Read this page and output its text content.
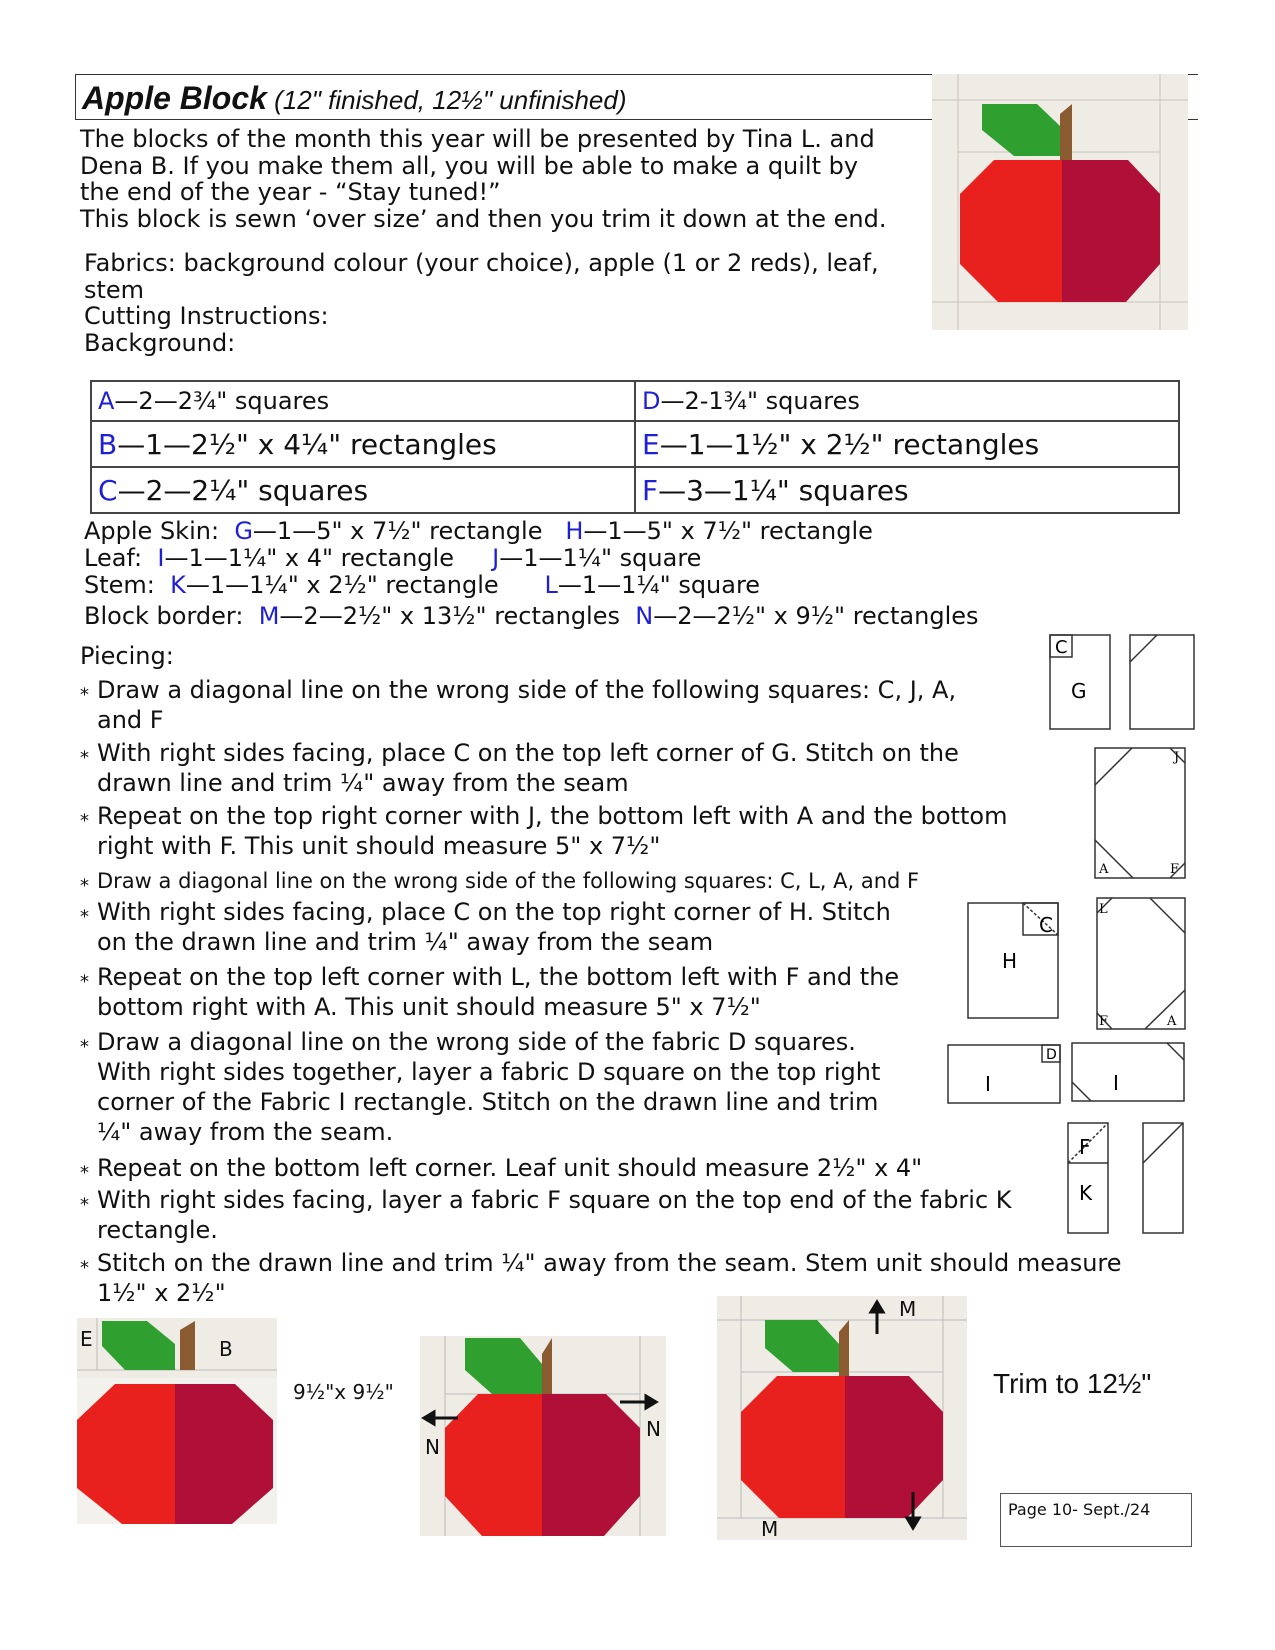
Apple Block (12" finished, 12½" unfinished)
The blocks of the month this year will be presented by Tina L. and
Dena B. If you make them all, you will be able to make a quilt by
the end of the year - “Stay tuned!”
This block is sewn ‘over size’ and then you trim it down at the end.
Fabrics: background colour (your choice), apple (1 or 2 reds), leaf,
stem
Cutting Instructions:
Background:
A—2—2¾" squares	D—2-1¾" squares
B—1—2½" x 4¼" rectangles	E—1—1½" x 2½" rectangles
C—2—2¼" squares	F—3—1¼" squares
Apple Skin:  G—1—5" x 7½" rectangle   H—1—5" x 7½" rectangle
Leaf:  I—1—1¼" x 4" rectangle     J—1—1¼" square
Stem:  K—1—1¼" x 2½" rectangle      L—1—1¼" square
Block border:  M—2—2½" x 13½" rectangles  N—2—2½" x 9½" rectangles
Piecing:
⁎ Draw a diagonal line on the wrong side of the following squares: C, J, A,
and F
⁎ With right sides facing, place C on the top left corner of G. Stitch on the
drawn line and trim ¼" away from the seam
⁎ Repeat on the top right corner with J, the bottom left with A and the bottom
right with F. This unit should measure 5" x 7½"
⁎ Draw a diagonal line on the wrong side of the following squares: C, L, A, and F
⁎ With right sides facing, place C on the top right corner of H. Stitch
on the drawn line and trim ¼" away from the seam
⁎ Repeat on the top left corner with L, the bottom left with F and the
bottom right with A. This unit should measure 5" x 7½"
⁎ Draw a diagonal line on the wrong side of the fabric D squares.
With right sides together, layer a fabric D square on the top right
corner of the Fabric I rectangle. Stitch on the drawn line and trim
¼" away from the seam.
⁎ Repeat on the bottom left corner. Leaf unit should measure 2½" x 4"
⁎ With right sides facing, layer a fabric F square on the top end of the fabric K
rectangle.
⁎ Stitch on the drawn line and trim ¼" away from the seam. Stem unit should measure
1½" x 2½"
C
G
J
A	F
C
H
L
F	A
D
I	I
F
K
E	B
9½"x 9½"
N
N
M
M
Trim to 12½"
Page 10- Sept./24
